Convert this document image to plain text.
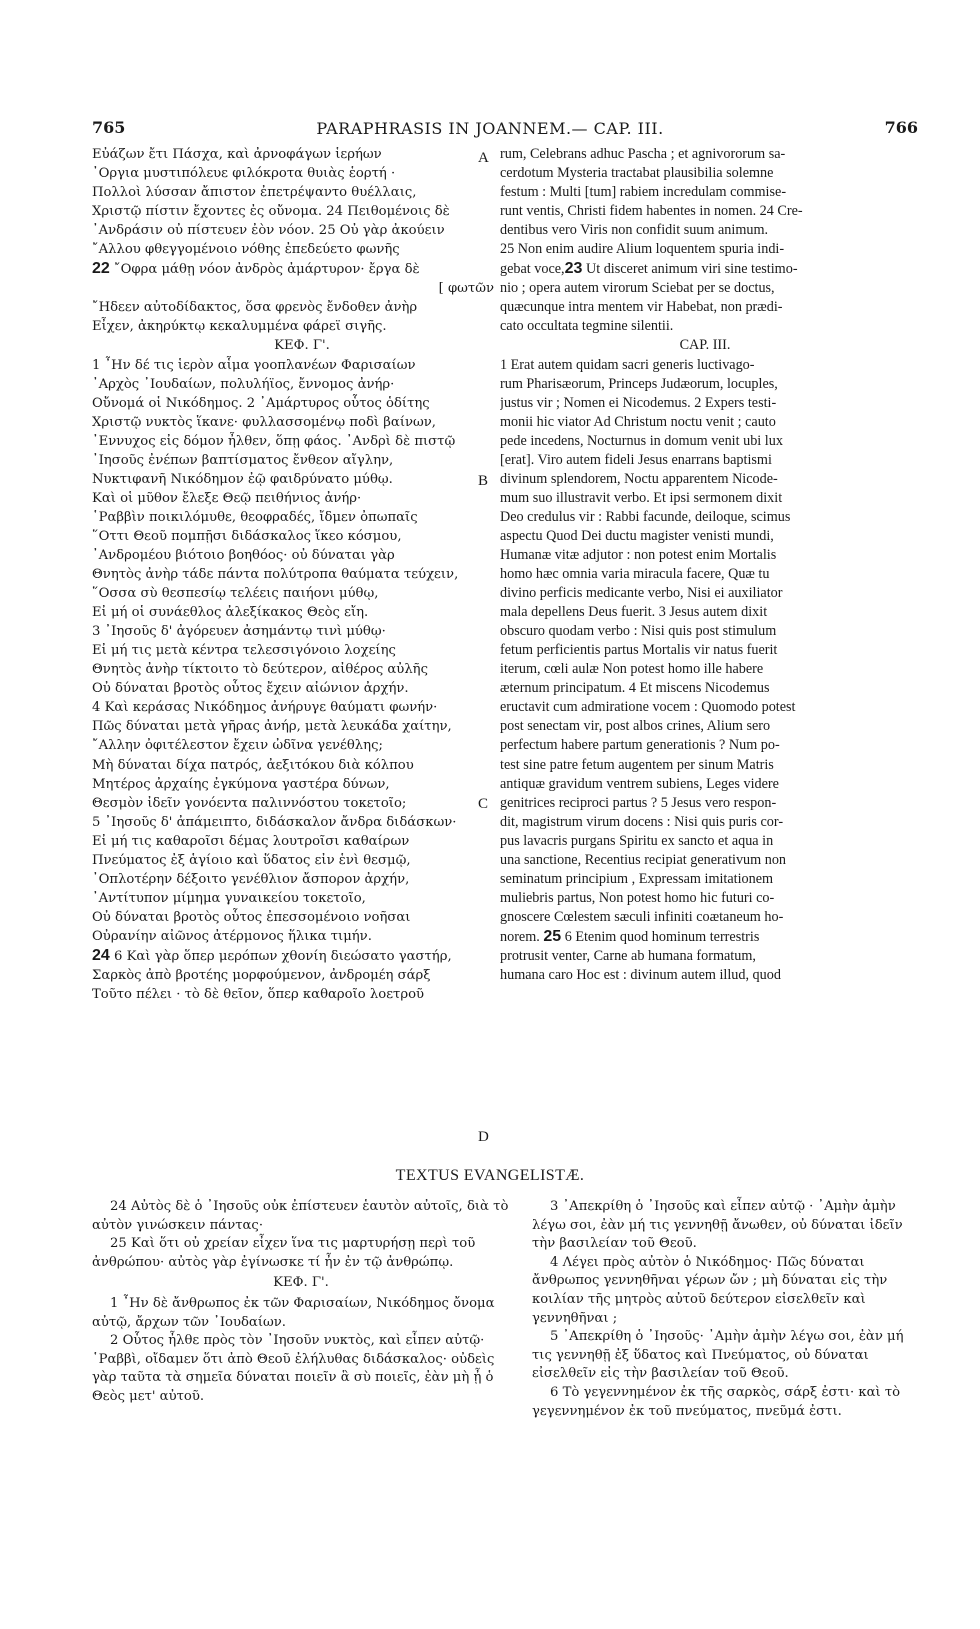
765	PARAPHRASIS IN JOANNEM.— CAP. III.	766
Εὐάζων ἔτι Πάσχα, καὶ ἀρνοφάγων ἱερήων
᾿Οργια μυστιπόλευε φιλόκροτα θυιὰς ἑορτή ·
Πολλοὶ λύσσαν ἄπιστον ἐπετρέψαντο θυέλλαις,
Χριστῷ πίστιν ἔχοντες ἐς οὔνομα. 24 Πειθομένοις δὲ
᾿Ανδράσιν οὐ πίστευεν ἐὸν νόον. 25 Οὐ γὰρ ἀκούειν
῎Αλλου φθεγγομένοιο νόθης ἐπεδεύετο φωνῆς
22 ῎Οφρα μάθῃ νόον ἀνδρὸς ἀμάρτυρον· ἔργα δὲ
[ φωτῶν
῎Ηδεεν αὐτοδίδακτος, ὅσα φρενὸς ἔνδοθεν ἀνὴρ
Εἶχεν, ἀκηρύκτῳ κεκαλυμμένα φάρεϊ σιγῆς.
ΚΕΦ. Γ'.
1 ῏Ην δέ τις ἱερὸν αἷμα γοοπλανέων Φαρισαίων
᾿Αρχὸς ᾿Ιουδαίων, πολυλήϊος, ἔννομος ἀνήρ·
Οὔνομά οἱ Νικόδημος. 2 ᾿Αμάρτυρος οὗτος ὁδίτης
Χριστῷ νυκτὸς ἵκανε· φυλλασσομένῳ ποδὶ βαίνων,
᾿Εννυχος εἰς δόμον ἦλθεν, ὅπῃ φάος. ᾿Ανδρὶ δὲ πιστῷ
᾿Ιησοῦς ἐνέπων βαπτίσματος ἔνθεον αἴγλην,
Νυκτιφανῆ Νικόδημον ἐῷ φαιδρύνατο μύθῳ.
Καὶ οἱ μῦθον ἔλεξε Θεῷ πειθήνιος ἀνήρ·
῾Ραββὶν ποικιλόμυθε, θεοφραδές, ἴδμεν ὀπωπαῖς
῞Οττι Θεοῦ πομπῇσι διδάσκαλος ἵκεο κόσμου,
᾿Ανδρομέου βιότοιο βοηθόος· οὐ δύναται γὰρ
Θνητὸς ἀνὴρ τάδε πάντα πολύτροπα θαύματα τεύχειν,
῞Οσσα σὺ θεσπεσίῳ τελέεις παιήονι μύθῳ,
Εἰ μή οἱ συνάεθλος ἀλεξίκακος Θεὸς εἴη.
3 ᾿Ιησοῦς δ' ἀγόρευεν ἀσημάντῳ τινὶ μύθῳ·
Εἰ μή τις μετὰ κέντρα τελεσσιγόνοιο λοχείης
Θνητὸς ἀνὴρ τίκτοιτο τὸ δεύτερον, αἰθέρος αὐλῆς
Οὐ δύναται βροτὸς οὗτος ἔχειν αἰώνιον ἀρχήν.
4 Καὶ κεράσας Νικόδημος ἀνήρυγε θαύματι φωνήν·
Πῶς δύναται μετὰ γῆρας ἀνήρ, μετὰ λευκάδα χαίτην,
῎Αλλην ὀφιτέλεστον ἔχειν ὠδῖνα γενέθλης;
Μὴ δύναται δίχα πατρός, ἀεξιτόκου διὰ κόλπου
Μητέρος ἀρχαίης ἐγκύμονα γαστέρα δύνων,
Θεσμὸν ἰδεῖν γονόεντα παλιννόστου τοκετοῖο;
5 ᾿Ιησοῦς δ' ἀπάμειπτο, διδάσκαλον ἄνδρα διδάσκων·
Εἰ μή τις καθαροῖσι δέμας λουτροῖσι καθαίρων
Πνεύματος ἐξ ἁγίοιο καὶ ὕδατος εἰν ἑνὶ θεσμῷ,
᾿Οπλοτέρην δέξοιτο γενέθλιον ἄσπορον ἀρχήν,
᾿Αντίτυπον μίμημα γυναικείου τοκετοῖο,
Οὐ δύναται βροτὸς οὗτος ἐπεσσομένοιο νοῆσαι
Οὐρανίην αἰῶνος ἀτέρμονος ἥλικα τιμήν.
24 6 Καὶ γὰρ ὅπερ μερόπων χθονίη διεώσατο γαστήρ,
Σαρκὸς ἀπὸ βροτέης μορφούμενον, ἀνδρομέη σάρξ
Τοῦτο πέλει · τὸ δὲ θεῖον, ὅπερ καθαροῖο λοετροῦ
A
B
C
D
rum, Celebrans adhuc Pascha ; et agnivororum sa-
cerdotum Mysteria tractabat plausibilia solemne
festum : Multi [tum] rabiem incredulam commise-
runt ventis, Christi fidem habentes in nomen. 24 Cre-
dentibus vero Viris non confidit suum animum.
25 Non enim audire Alium loquentem spuria indi-
gebat voce,23 Ut disceret animum viri sine testimo-
nio ; opera autem virorum Sciebat per se doctus,
quæcunque intra mentem vir Habebat, non prædi-
cato occultata tegmine silentii.
CAP. III.
1 Erat autem quidam sacri generis luctivago-
rum Pharisæorum, Princeps Judæorum, locuples,
justus vir ; Nomen ei Nicodemus. 2 Expers testi-
monii hic viator Ad Christum noctu venit ; cauto
pede incedens, Nocturnus in domum venit ubi lux
[erat]. Viro autem fideli Jesus enarrans baptismi
divinum splendorem, Noctu apparentem Nicode-
mum suo illustravit verbo. Et ipsi sermonem dixit
Deo credulus vir : Rabbi facunde, deiloque, scimus
aspectu Quod Dei ductu magister venisti mundi,
Humanæ vitæ adjutor : non potest enim Mortalis
homo hæc omnia varia miracula facere, Quæ tu
divino perficis medicante verbo, Nisi ei auxiliator
mala depellens Deus fuerit. 3 Jesus autem dixit
obscuro quodam verbo : Nisi quis post stimulum
fetum perficientis partus Mortalis vir natus fuerit
iterum, cœli aulæ Non potest homo ille habere
æternum principatum. 4 Et miscens Nicodemus
eructavit cum admiratione vocem : Quomodo potest
post senectam vir, post albos crines, Alium sero
perfectum habere partum generationis ? Num po-
test sine patre fetum augentem per sinum Matris
antiquæ gravidum ventrem subiens, Leges videre
genitrices reciproci partus ? 5 Jesus vero respon-
dit, magistrum virum docens : Nisi quis puris cor-
pus lavacris purgans Spiritu ex sancto et aqua in
una sanctione, Recentius recipiat generativum non
seminatum principium , Expressam imitationem
muliebris partus, Non potest homo hic futuri co-
gnoscere Cœlestem sæculi infiniti coætaneum ho-
norem. 25 6 Etenim quod hominum terrestris
protrusit venter, Carne ab humana formatum,
humana caro Hoc est : divinum autem illud, quod
TEXTUS EVANGELISTÆ.
24 Αὐτὸς δὲ ὁ ᾿Ιησοῦς οὐκ ἐπίστευεν ἑαυτὸν αὐτοῖς, διὰ τὸ αὐτὸν γινώσκειν πάντας·
25 Καὶ ὅτι οὐ χρείαν εἶχεν ἵνα τις μαρτυρήσῃ περὶ τοῦ ἀνθρώπου· αὐτὸς γὰρ ἐγίνωσκε τί ἦν ἐν τῷ ἀνθρώπῳ.
ΚΕΦ. Γ'.
1 ῏Ην δὲ ἄνθρωπος ἐκ τῶν Φαρισαίων, Νικόδημος ὄνομα αὐτῷ, ἄρχων τῶν ᾿Ιουδαίων.
2 Οὗτος ἦλθε πρὸς τὸν ᾿Ιησοῦν νυκτὸς, καὶ εἶπεν αὐτῷ· ῾Ραββὶ, οἴδαμεν ὅτι ἀπὸ Θεοῦ ἐλήλυθας διδάσκαλος· οὐδεὶς γὰρ ταῦτα τὰ σημεῖα δύναται ποιεῖν ἃ σὺ ποιεῖς, ἐὰν μὴ ᾖ ὁ Θεὸς μετ' αὐτοῦ.
3 ᾿Απεκρίθη ὁ ᾿Ιησοῦς καὶ εἶπεν αὐτῷ · ᾿Αμὴν ἀμὴν λέγω σοι, ἐὰν μή τις γεννηθῇ ἄνωθεν, οὐ δύναται ἰδεῖν τὴν βασιλείαν τοῦ Θεοῦ.
4 Λέγει πρὸς αὐτὸν ὁ Νικόδημος· Πῶς δύναται ἄνθρωπος γεννηθῆναι γέρων ὤν ; μὴ δύναται εἰς τὴν κοιλίαν τῆς μητρὸς αὐτοῦ δεύτερον εἰσελθεῖν καὶ γεννηθῆναι ;
5 ᾿Απεκρίθη ὁ ᾿Ιησοῦς· ᾿Αμὴν ἀμὴν λέγω σοι, ἐὰν μή τις γεννηθῇ ἐξ ὕδατος καὶ Πνεύματος, οὐ δύναται εἰσελθεῖν εἰς τὴν βασιλείαν τοῦ Θεοῦ.
6 Τὸ γεγεννημένον ἐκ τῆς σαρκὸς, σάρξ ἐστι· καὶ τὸ γεγεννημένον ἐκ τοῦ πνεύματος, πνεῦμά ἐστι.
